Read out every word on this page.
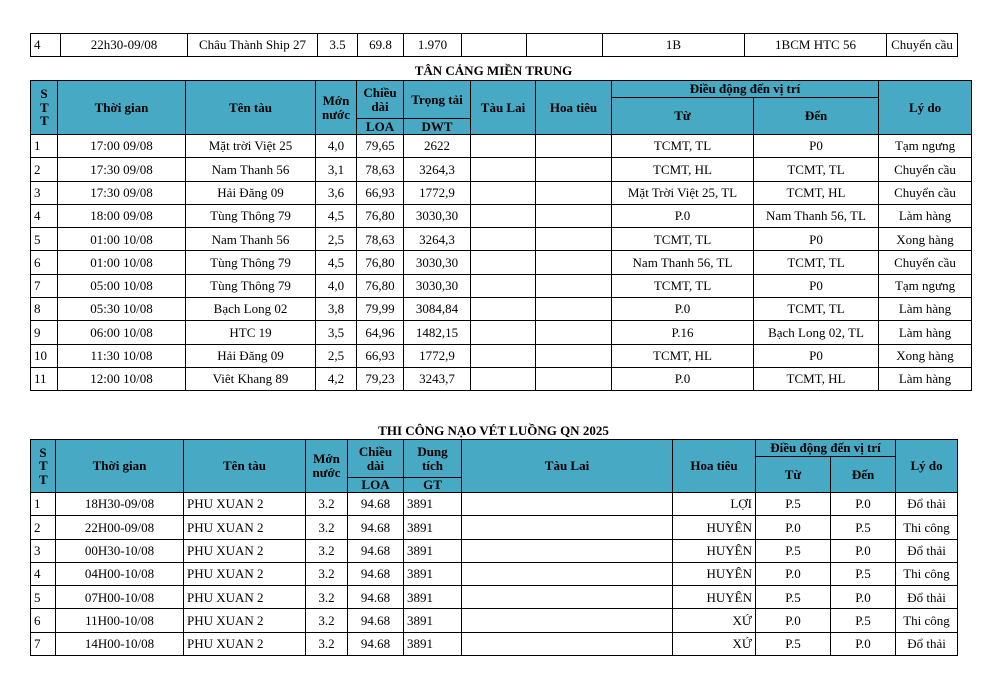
4	22h30-09/08	Châu Thành Ship 27	3.5	69.8	1.970			1B	1BCM HTC 56	Chuyển cầu
TÂN CẢNG MIỀN TRUNG
STT	Thời gian	Tên tàu	Mớn nước	Chiều dài	Trọng tải	Tàu Lai	Hoa tiêu	Điều động đến vị trí		Lý do
								Từ	Đến	
				LOA	DWT					
1	17:00 09/08	Mặt trời Việt 25	4,0	79,65	2622			TCMT, TL	P0	Tạm ngưng
2	17:30 09/08	Nam Thanh 56	3,1	78,63	3264,3			TCMT, HL	TCMT, TL	Chuyển cầu
3	17:30 09/08	Hải Đăng 09	3,6	66,93	1772,9			Mặt Trời Việt 25, TL	TCMT, HL	Chuyển cầu
4	18:00 09/08	Tùng Thông 79	4,5	76,80	3030,30			P.0	Nam Thanh 56, TL	Làm hàng
5	01:00 10/08	Nam Thanh 56	2,5	78,63	3264,3			TCMT, TL	P0	Xong hàng
6	01:00 10/08	Tùng Thông 79	4,5	76,80	3030,30			Nam Thanh 56, TL	TCMT, TL	Chuyển cầu
7	05:00 10/08	Tùng Thông 79	4,0	76,80	3030,30			TCMT, TL	P0	Tạm ngưng
8	05:30 10/08	Bạch Long 02	3,8	79,99	3084,84			P.0	TCMT, TL	Làm hàng
9	06:00 10/08	HTC 19	3,5	64,96	1482,15			P.16	Bạch Long 02, TL	Làm hàng
10	11:30 10/08	Hải Đăng 09	2,5	66,93	1772,9			TCMT, HL	P0	Xong hàng
11	12:00 10/08	Viêt Khang 89	4,2	79,23	3243,7			P.0	TCMT, HL	Làm hàng
THI CÔNG NẠO VÉT LUỒNG QN 2025
STT	Thời gian	Tên tàu	Mớn nước	Chiều dài	Dung tích	Tàu Lai	Hoa tiêu	Điều động đến vị trí		Lý do
								Từ	Đến	
				LOA	GT					
1	18H30-09/08	PHU XUAN 2	3.2	94.68	3891		LỢI	P.5	P.0	Đổ thải
2	22H00-09/08	PHU XUAN 2	3.2	94.68	3891		HUYÊN	P.0	P.5	Thi công
3	00H30-10/08	PHU XUAN 2	3.2	94.68	3891		HUYÊN	P.5	P.0	Đổ thải
4	04H00-10/08	PHU XUAN 2	3.2	94.68	3891		HUYÊN	P.0	P.5	Thi công
5	07H00-10/08	PHU XUAN 2	3.2	94.68	3891		HUYÊN	P.5	P.0	Đổ thải
6	11H00-10/08	PHU XUAN 2	3.2	94.68	3891		XỨ	P.0	P.5	Thi công
7	14H00-10/08	PHU XUAN 2	3.2	94.68	3891		XỨ	P.5	P.0	Đổ thải
